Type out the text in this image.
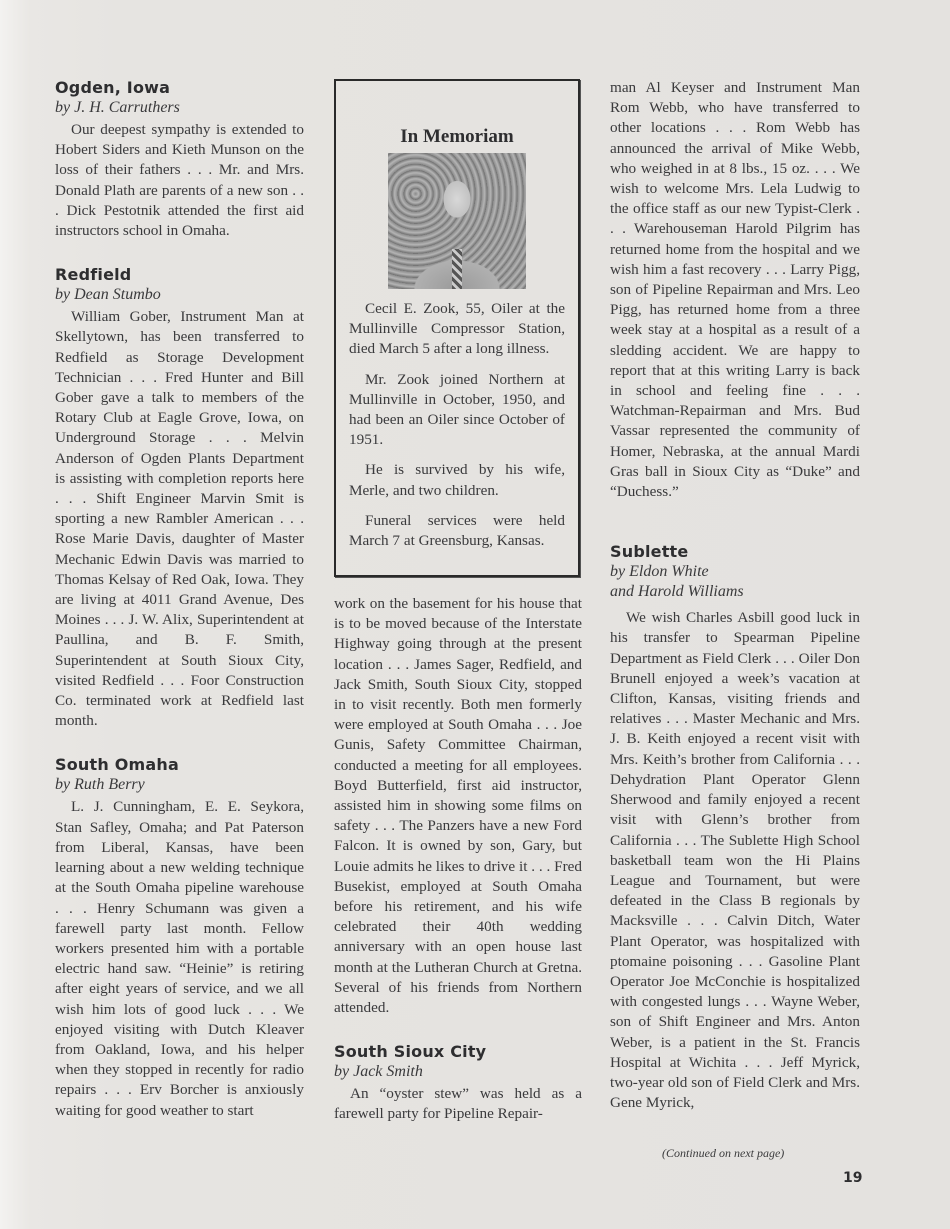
Ogden, Iowa

by J. H. Carruthers

Our deepest sympathy is extended to Hobert Siders and Kieth Munson on the loss of their fathers . . . Mr. and Mrs. Donald Plath are parents of a new son . . . Dick Pestotnik attended the first aid instructors school in Omaha.

Redfield

by Dean Stumbo

William Gober, Instrument Man at Skellytown, has been transferred to Redfield as Storage Development Technician . . . Fred Hunter and Bill Gober gave a talk to members of the Rotary Club at Eagle Grove, Iowa, on Underground Storage . . . Melvin Anderson of Ogden Plants Department is assisting with completion reports here . . . Shift Engineer Marvin Smit is sporting a new Rambler American . . . Rose Marie Davis, daughter of Master Mechanic Edwin Davis was married to Thomas Kelsay of Red Oak, Iowa. They are living at 4011 Grand Avenue, Des Moines . . . J. W. Alix, Superintendent at Paullina, and B. F. Smith, Superintendent at South Sioux City, visited Redfield . . . Foor Construction Co. terminated work at Redfield last month.

South Omaha

by Ruth Berry

L. J. Cunningham, E. E. Seykora, Stan Safley, Omaha; and Pat Paterson from Liberal, Kansas, have been learning about a new welding technique at the South Omaha pipeline warehouse . . . Henry Schumann was given a farewell party last month. Fellow workers presented him with a portable electric hand saw. “Heinie” is retiring after eight years of service, and we all wish him lots of good luck . . . We enjoyed visiting with Dutch Kleaver from Oakland, Iowa, and his helper when they stopped in recently for radio repairs . . . Erv Borcher is anxiously waiting for good weather to start

In Memoriam

Cecil E. Zook, 55, Oiler at the Mullinville Compressor Station, died March 5 after a long illness.

Mr. Zook joined Northern at Mullinville in October, 1950, and had been an Oiler since October of 1951.

He is survived by his wife, Merle, and two children.

Funeral services were held March 7 at Greensburg, Kansas.

work on the basement for his house that is to be moved because of the Interstate Highway going through at the present location . . . James Sager, Redfield, and Jack Smith, South Sioux City, stopped in to visit recently. Both men formerly were employed at South Omaha . . . Joe Gunis, Safety Committee Chairman, conducted a meeting for all employees. Boyd Butterfield, first aid instructor, assisted him in showing some films on safety . . . The Panzers have a new Ford Falcon. It is owned by son, Gary, but Louie admits he likes to drive it . . . Fred Busekist, employed at South Omaha before his retirement, and his wife celebrated their 40th wedding anniversary with an open house last month at the Lutheran Church at Gretna. Several of his friends from Northern attended.

South Sioux City

by Jack Smith

An “oyster stew” was held as a farewell party for Pipeline Repair-

man Al Keyser and Instrument Man Rom Webb, who have transferred to other locations . . . Rom Webb has announced the arrival of Mike Webb, who weighed in at 8 lbs., 15 oz. . . . We wish to welcome Mrs. Lela Ludwig to the office staff as our new Typist-Clerk . . . Warehouseman Harold Pilgrim has returned home from the hospital and we wish him a fast recovery . . . Larry Pigg, son of Pipeline Repairman and Mrs. Leo Pigg, has returned home from a three week stay at a hospital as a result of a sledding accident. We are happy to report that at this writing Larry is back in school and feeling fine . . . Watchman-Repairman and Mrs. Bud Vassar represented the community of Homer, Nebraska, at the annual Mardi Gras ball in Sioux City as “Duke” and “Duchess.”

Sublette

by Eldon White

and Harold Williams

We wish Charles Asbill good luck in his transfer to Spearman Pipeline Department as Field Clerk . . . Oiler Don Brunell enjoyed a week’s vacation at Clifton, Kansas, visiting friends and relatives . . . Master Mechanic and Mrs. J. B. Keith enjoyed a recent visit with Mrs. Keith’s brother from California . . . Dehydration Plant Operator Glenn Sherwood and family enjoyed a recent visit with Glenn’s brother from California . . . The Sublette High School basketball team won the Hi Plains League and Tournament, but were defeated in the Class B regionals by Macksville . . . Calvin Ditch, Water Plant Operator, was hospitalized with ptomaine poisoning . . . Gasoline Plant Operator Joe McConchie is hospitalized with congested lungs . . . Wayne Weber, son of Shift Engineer and Mrs. Anton Weber, is a patient in the St. Francis Hospital at Wichita . . . Jeff Myrick, two-year old son of Field Clerk and Mrs. Gene Myrick,

(Continued on next page)
19
